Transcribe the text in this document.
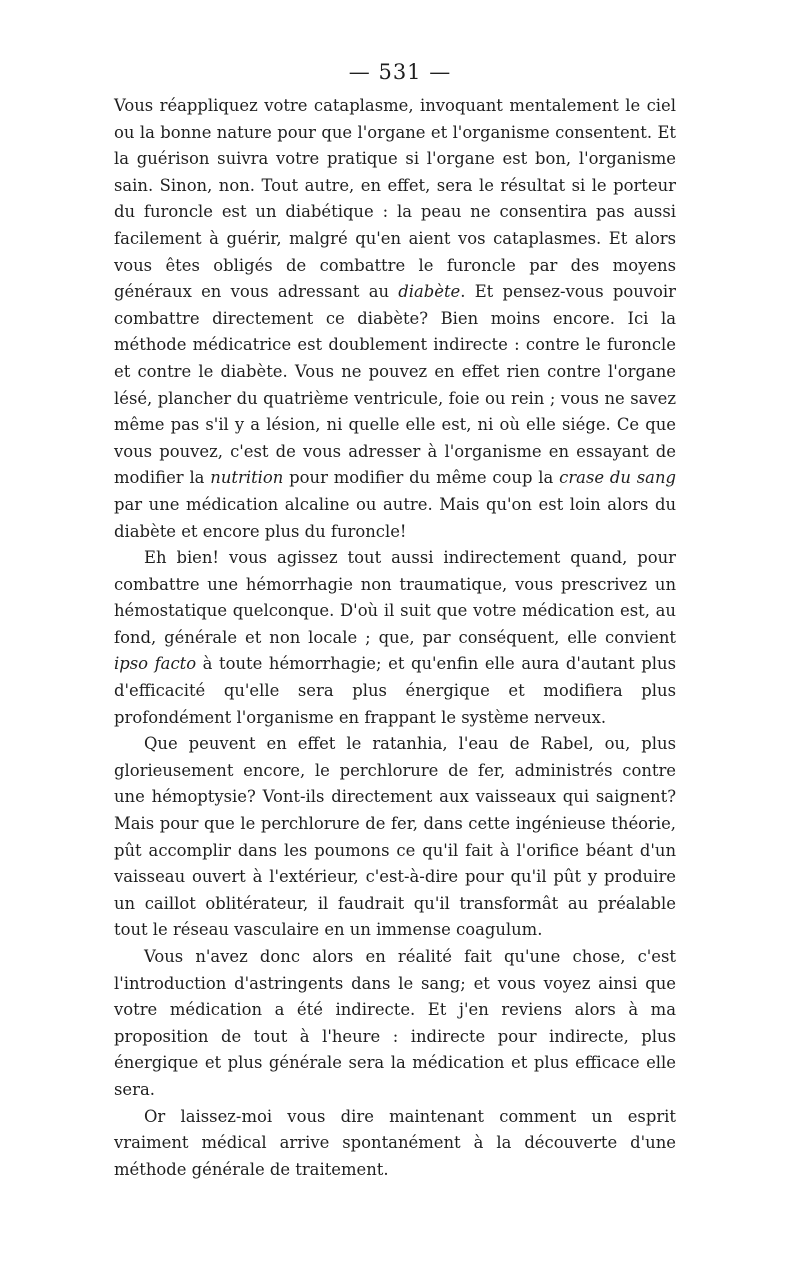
— 531 —

Vous réappliquez votre cataplasme, invoquant mentalement le ciel ou la bonne nature pour que l'organe et l'organisme consentent. Et la guérison suivra votre pratique si l'organe est bon, l'organisme sain. Sinon, non. Tout autre, en effet, sera le résultat si le porteur du furoncle est un diabétique : la peau ne consentira pas aussi facilement à guérir, malgré qu'en aient vos cataplasmes. Et alors vous êtes obligés de combattre le furoncle par des moyens généraux en vous adressant au diabète. Et pensez-vous pouvoir combattre directement ce diabète? Bien moins encore. Ici la méthode médicatrice est doublement indirecte : contre le furoncle et contre le diabète. Vous ne pouvez en effet rien contre l'organe lésé, plancher du quatrième ventricule, foie ou rein ; vous ne savez même pas s'il y a lésion, ni quelle elle est, ni où elle siége. Ce que vous pouvez, c'est de vous adresser à l'organisme en essayant de modifier la nutrition pour modifier du même coup la crase du sang par une médication alcaline ou autre. Mais qu'on est loin alors du diabète et encore plus du furoncle!

Eh bien! vous agissez tout aussi indirectement quand, pour combattre une hémorrhagie non traumatique, vous prescrivez un hémostatique quelconque. D'où il suit que votre médication est, au fond, générale et non locale ; que, par conséquent, elle convient ipso facto à toute hémorrhagie; et qu'enfin elle aura d'autant plus d'efficacité qu'elle sera plus énergique et modifiera plus profondément l'organisme en frappant le système nerveux.

Que peuvent en effet le ratanhia, l'eau de Rabel, ou, plus glorieusement encore, le perchlorure de fer, administrés contre une hémoptysie? Vont-ils directement aux vaisseaux qui saignent? Mais pour que le perchlorure de fer, dans cette ingénieuse théorie, pût accomplir dans les poumons ce qu'il fait à l'orifice béant d'un vaisseau ouvert à l'extérieur, c'est-à-dire pour qu'il pût y produire un caillot oblitérateur, il faudrait qu'il transformât au préalable tout le réseau vasculaire en un immense coagulum.

Vous n'avez donc alors en réalité fait qu'une chose, c'est l'introduction d'astringents dans le sang; et vous voyez ainsi que votre médication a été indirecte. Et j'en reviens alors à ma proposition de tout à l'heure : indirecte pour indirecte, plus énergique et plus générale sera la médication et plus efficace elle sera.

Or laissez-moi vous dire maintenant comment un esprit vraiment médical arrive spontanément à la découverte d'une méthode générale de traitement.
